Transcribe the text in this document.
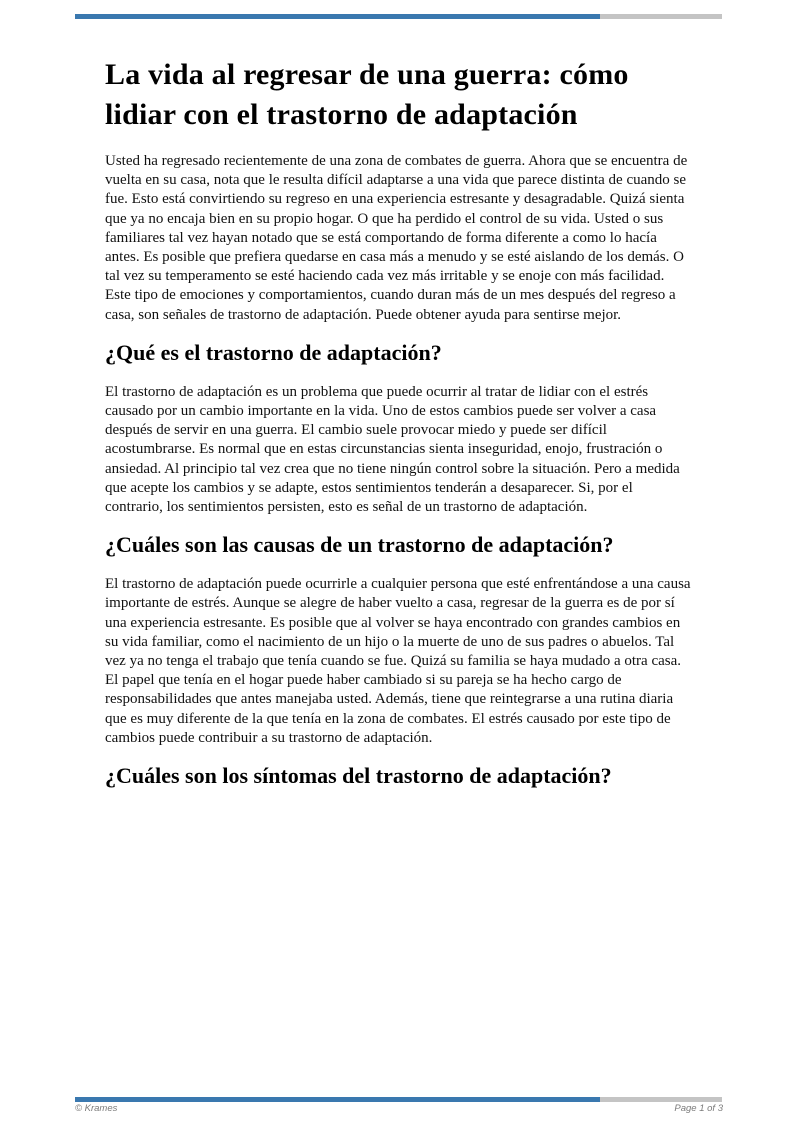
La vida al regresar de una guerra: cómo lidiar con el trastorno de adaptación

Usted ha regresado recientemente de una zona de combates de guerra. Ahora que se encuentra de vuelta en su casa, nota que le resulta difícil adaptarse a una vida que parece distinta de cuando se fue. Esto está convirtiendo su regreso en una experiencia estresante y desagradable. Quizá sienta que ya no encaja bien en su propio hogar. O que ha perdido el control de su vida. Usted o sus familiares tal vez hayan notado que se está comportando de forma diferente a como lo hacía antes. Es posible que prefiera quedarse en casa más a menudo y se esté aislando de los demás. O tal vez su temperamento se esté haciendo cada vez más irritable y se enoje con más facilidad. Este tipo de emociones y comportamientos, cuando duran más de un mes después del regreso a casa, son señales de trastorno de adaptación. Puede obtener ayuda para sentirse mejor.

¿Qué es el trastorno de adaptación?

El trastorno de adaptación es un problema que puede ocurrir al tratar de lidiar con el estrés causado por un cambio importante en la vida. Uno de estos cambios puede ser volver a casa después de servir en una guerra. El cambio suele provocar miedo y puede ser difícil acostumbrarse. Es normal que en estas circunstancias sienta inseguridad, enojo, frustración o ansiedad. Al principio tal vez crea que no tiene ningún control sobre la situación. Pero a medida que acepte los cambios y se adapte, estos sentimientos tenderán a desaparecer. Si, por el contrario, los sentimientos persisten, esto es señal de un trastorno de adaptación.

¿Cuáles son las causas de un trastorno de adaptación?

El trastorno de adaptación puede ocurrirle a cualquier persona que esté enfrentándose a una causa importante de estrés. Aunque se alegre de haber vuelto a casa, regresar de la guerra es de por sí una experiencia estresante. Es posible que al volver se haya encontrado con grandes cambios en su vida familiar, como el nacimiento de un hijo o la muerte de uno de sus padres o abuelos. Tal vez ya no tenga el trabajo que tenía cuando se fue. Quizá su familia se haya mudado a otra casa. El papel que tenía en el hogar puede haber cambiado si su pareja se ha hecho cargo de responsabilidades que antes manejaba usted. Además, tiene que reintegrarse a una rutina diaria que es muy diferente de la que tenía en la zona de combates. El estrés causado por este tipo de cambios puede contribuir a su trastorno de adaptación.

¿Cuáles son los síntomas del trastorno de adaptación?
© Krames	Page 1 of 3
